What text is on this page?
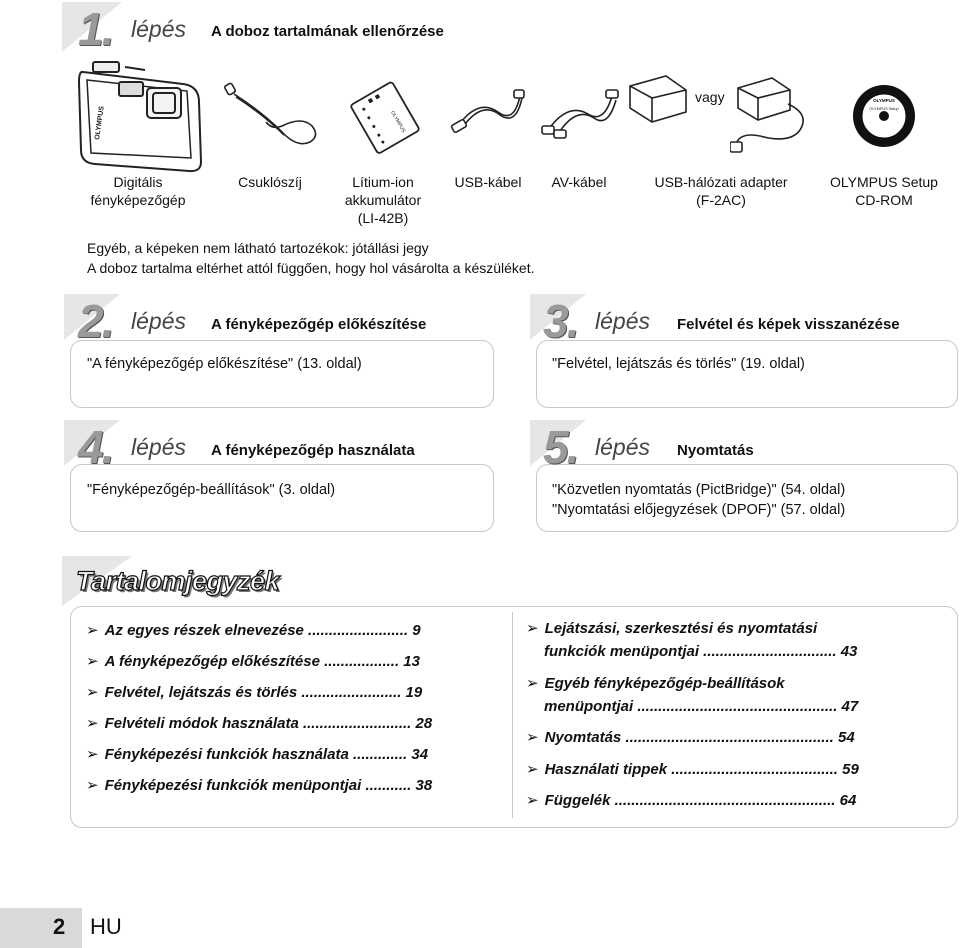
1. lépés A doboz tartalmának ellenőrzése
OLYMPUS	OLYMPUS
vagy	OLYMPUS
OLYMPUS Setup
Digitális
fényképezőgép
Csuklószíj	Lítium-ion
akkumulátor
(LI-42B)
USB-kábel	AV-kábel	USB-hálózati adapter
(F-2AC)
OLYMPUS Setup
CD-ROM
Egyéb, a képeken nem látható tartozékok: jótállási jegy
A doboz tartalma eltérhet attól függően, hogy hol vásárolta a készüléket.
2. lépés A fényképezőgép előkészítése
"A fényképezőgép előkészítése" (13. oldal)
3. lépés Felvétel és képek visszanézése
"Felvétel, lejátszás és törlés" (19. oldal)
4. lépés A fényképezőgép használata
"Fényképezőgép-beállítások" (3. oldal)
5. lépés Nyomtatás
"Közvetlen nyomtatás (PictBridge)" (54. oldal)
"Nyomtatási előjegyzések (DPOF)" (57. oldal)
Tartalomjegyzék
➢ Az egyes részek elnevezése ........................ 9
➢ A fényképezőgép előkészítése .................. 13
➢ Felvétel, lejátszás és törlés ........................ 19
➢ Felvételi módok használata .......................... 28
➢ Fényképezési funkciók használata ............. 34
➢ Fényképezési funkciók menüpontjai ........... 38
➢ Lejátszási, szerkesztési és nyomtatási
funkciók menüpontjai ................................ 43
➢ Egyéb fényképezőgép-beállítások
menüpontjai ................................................ 47
➢ Nyomtatás .................................................. 54
➢ Használati tippek ........................................ 59
➢ Függelék ..................................................... 64
2 HU
